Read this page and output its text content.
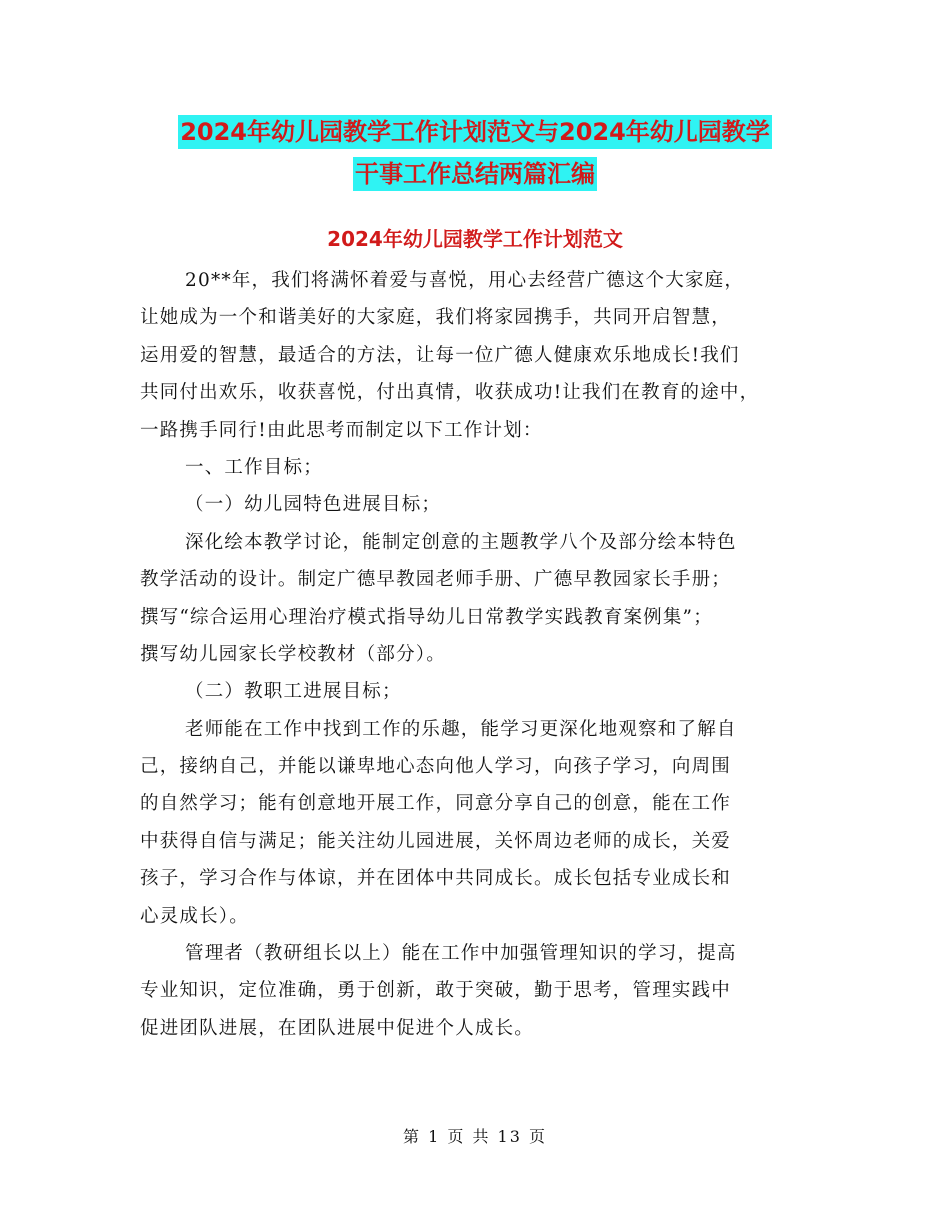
2024年幼儿园教学工作计划范文与2024年幼儿园教学
干事工作总结两篇汇编
2024年幼儿园教学工作计划范文
20**年，我们将满怀着爱与喜悦，用心去经营广德这个大家庭，
让她成为一个和谐美好的大家庭，我们将家园携手，共同开启智慧，
运用爱的智慧，最适合的方法，让每一位广德人健康欢乐地成长!我们
共同付出欢乐，收获喜悦，付出真情，收获成功!让我们在教育的途中，
一路携手同行!由此思考而制定以下工作计划：
一、工作目标；
（一）幼儿园特色进展目标；
深化绘本教学讨论，能制定创意的主题教学八个及部分绘本特色
教学活动的设计。制定广德早教园老师手册、广德早教园家长手册；
撰写“综合运用心理治疗模式指导幼儿日常教学实践教育案例集”；
撰写幼儿园家长学校教材（部分）。
（二）教职工进展目标；
老师能在工作中找到工作的乐趣，能学习更深化地观察和了解自
己，接纳自己，并能以谦卑地心态向他人学习，向孩子学习，向周围
的自然学习；能有创意地开展工作，同意分享自己的创意，能在工作
中获得自信与满足；能关注幼儿园进展，关怀周边老师的成长，关爱
孩子，学习合作与体谅，并在团体中共同成长。成长包括专业成长和
心灵成长）。
管理者（教研组长以上）能在工作中加强管理知识的学习，提高
专业知识，定位准确，勇于创新，敢于突破，勤于思考，管理实践中
促进团队进展，在团队进展中促进个人成长。
第 1 页 共 13 页
